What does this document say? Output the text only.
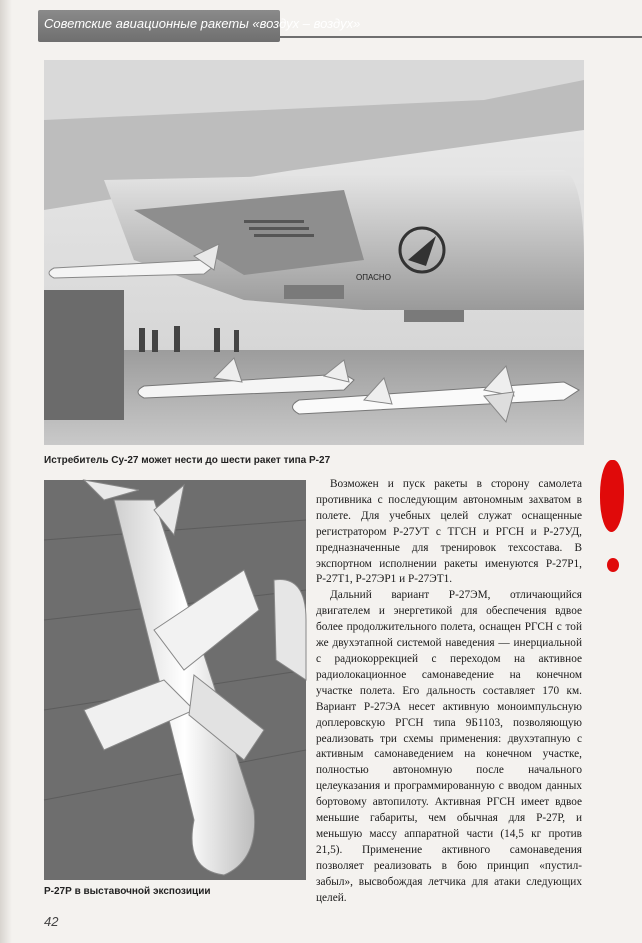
Советские авиационные ракеты «воздух – воздух»
ОПАСНО
Истребитель Су-27 может нести до шести ракет типа Р-27
Р-27Р в выставочной экспозиции

Возможен и пуск ракеты в сторону самолета противника с последующим автономным захватом в полете. Для учебных целей служат оснащенные регистратором Р-27УТ с ТГСН и РГСН и Р-27УД, предназначенные для тренировок техсостава. В экспортном исполнении ракеты именуются Р-27Р1, Р-27Т1, Р-27ЭР1 и Р-27ЭТ1.

Дальний вариант Р-27ЭМ, отличающийся двигателем и энергетикой для обеспечения вдвое более продолжительного полета, оснащен РГСН с той же двухэтапной системой наведения — инерциальной с радиокоррекцией с переходом на активное радиолокационное самонаведение на конечном участке полета. Его дальность составляет 170 км. Вариант Р-27ЭА несет активную моноимпульсную доплеровскую РГСН типа 9Б1103, позволяющую реализовать три схемы применения: двухэтапную с активным самонаведением на конечном участке, полностью автономную после начального целеуказания и программированную с вводом данных бортовому автопилоту. Активная РГСН имеет вдвое меньшие габариты, чем обычная для Р-27Р, и меньшую массу аппаратной части (14,5 кг против 21,5). Применение активного самонаведения позволяет реализовать в бою принцип «пустил-забыл», высвобождая летчика для атаки следующих целей.

42
